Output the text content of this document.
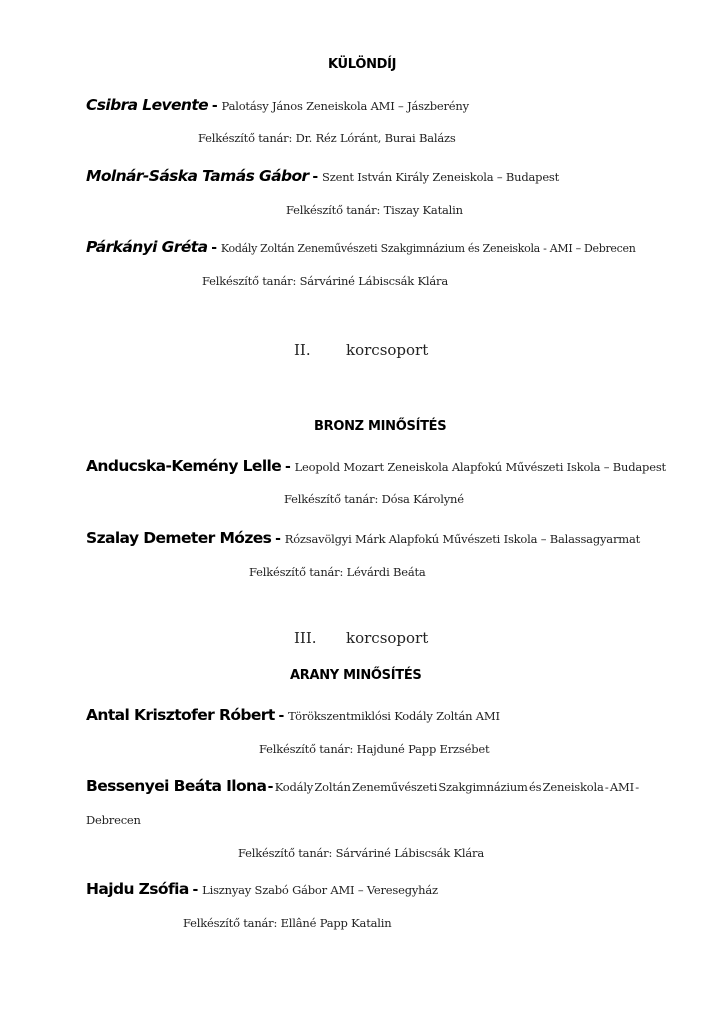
KÜLÖNDÍJ
Csibra Levente - Palotásy János Zeneiskola AMI – Jászberény
Felkészítő tanár: Dr. Réz Lóránt, Burai Balázs
Molnár-Sáska Tamás Gábor - Szent István Király Zeneiskola – Budapest
Felkészítő tanár: Tiszay Katalin
Párkányi Gréta - Kodály Zoltán Zeneművészeti Szakgimnázium és Zeneiskola - AMI – Debrecen
Felkészítő tanár: Sárváriné Lábiscsák Klára
II. korcsoport
BRONZ MINŐSÍTÉS
Anducska-Kemény Lelle - Leopold Mozart Zeneiskola Alapfokú Művészeti Iskola – Budapest
Felkészítő tanár: Dósa Károlyné
Szalay Demeter Mózes - Rózsavölgyi Márk Alapfokú Művészeti Iskola – Balassagyarmat
Felkészítő tanár: Lévárdi Beáta
III. korcsoport
ARANY MINŐSÍTÉS
Antal Krisztofer Róbert - Törökszentmiklósi Kodály Zoltán AMI
Felkészítő tanár: Hajduné Papp Erzsébet
Bessenyei Beáta Ilona - Kodály Zoltán Zeneművészeti Szakgimnázium és Zeneiskola - AMI -
Debrecen
Felkészítő tanár: Sárváriné Lábiscsák Klára
Hajdu Zsófia - Lisznyay Szabó Gábor AMI – Veresegyház
Felkészítő tanár: Ellâné Papp Katalin
